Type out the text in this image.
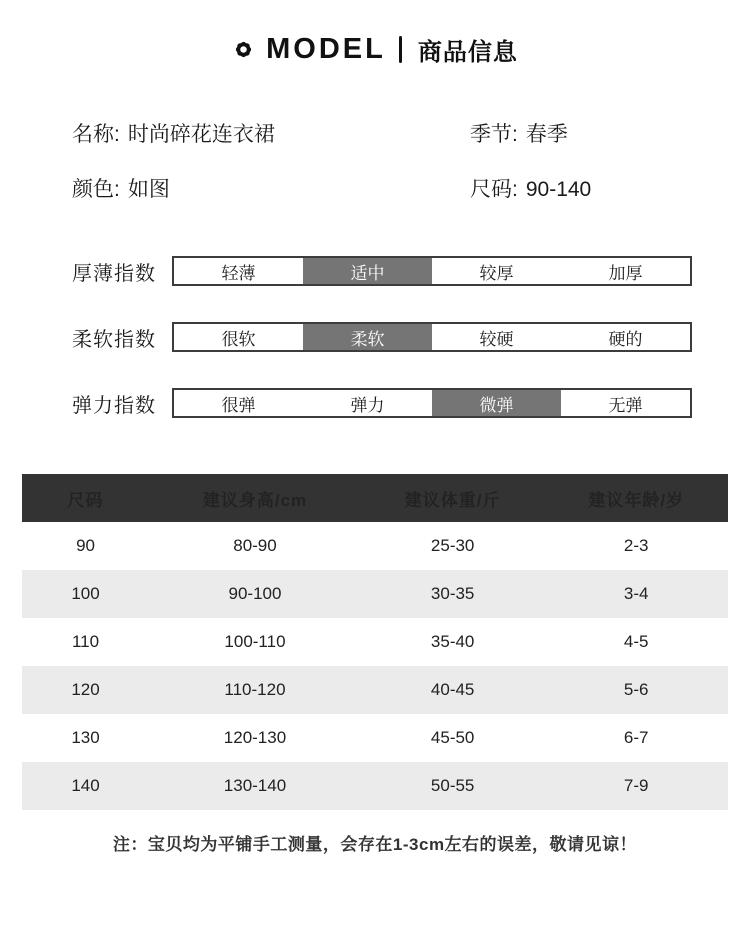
MODEL 商品信息
名称: 时尚碎花连衣裙	季节: 春季
颜色: 如图	尺码: 90-140
厚薄指数	轻薄	适中	较厚	加厚
柔软指数	很软	柔软	较硬	硬的
弹力指数	很弹	弹力	微弹	无弹
尺码	建议身高/cm	建议体重/斤	建议年龄/岁
90	80-90	25-30	2-3
100	90-100	30-35	3-4
110	100-110	35-40	4-5
120	110-120	40-45	5-6
130	120-130	45-50	6-7
140	130-140	50-55	7-9
注：宝贝均为平铺手工测量，会存在1-3cm左右的误差，敬请见谅！
